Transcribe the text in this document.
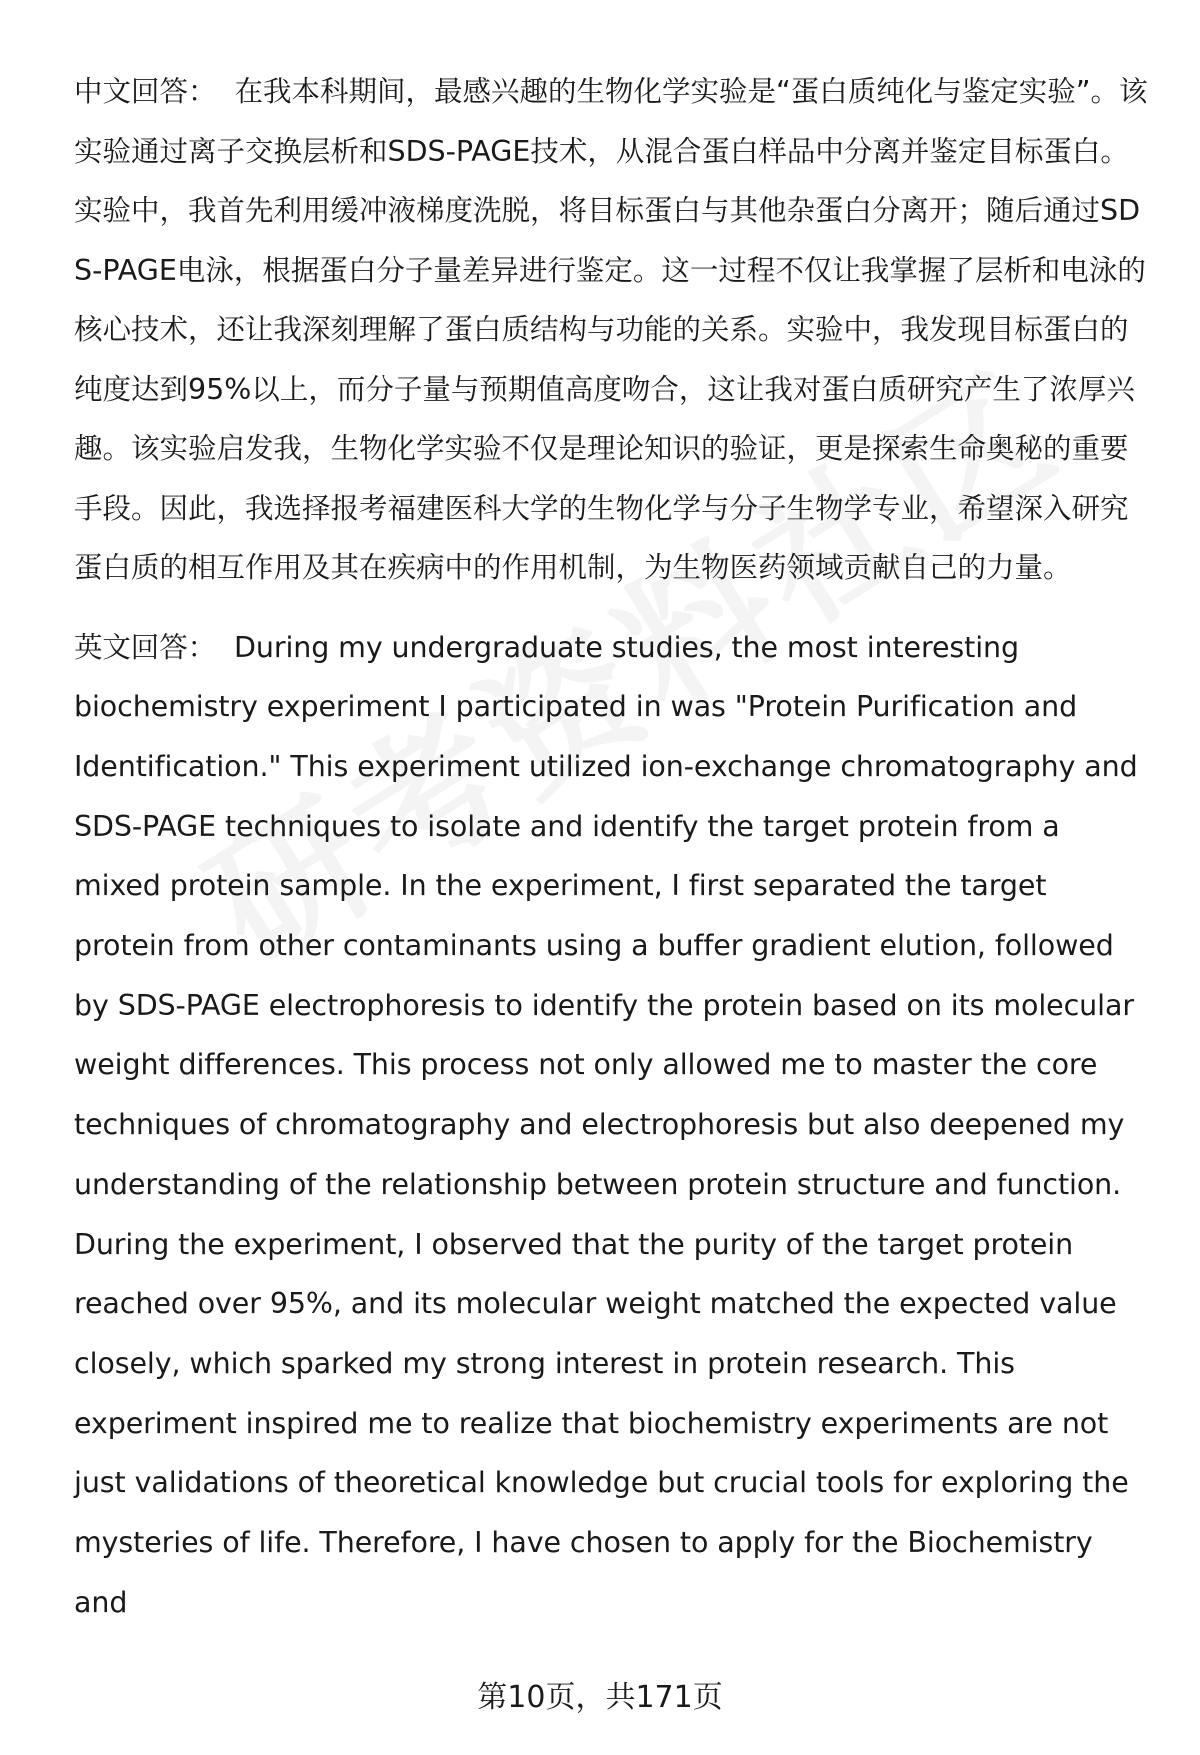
中文回答： 在我本科期间，最感兴趣的生物化学实验是“蛋白质纯化与鉴定实验”。该实验通过离子交换层析和SDS-PAGE技术，从混合蛋白样品中分离并鉴定目标蛋白。实验中，我首先利用缓冲液梯度洗脱，将目标蛋白与其他杂蛋白分离开；随后通过SDS-PAGE电泳，根据蛋白分子量差异进行鉴定。这一过程不仅让我掌握了层析和电泳的核心技术，还让我深刻理解了蛋白质结构与功能的关系。实验中，我发现目标蛋白的纯度达到95%以上，而分子量与预期值高度吻合，这让我对蛋白质研究产生了浓厚兴趣。该实验启发我，生物化学实验不仅是理论知识的验证，更是探索生命奥秘的重要手段。因此，我选择报考福建医科大学的生物化学与分子生物学专业，希望深入研究蛋白质的相互作用及其在疾病中的作用机制，为生物医药领域贡献自己的力量。

英文回答： During my undergraduate studies, the most interesting biochemistry experiment I participated in was "Protein Purification and Identification." This experiment utilized ion-exchange chromatography and SDS-PAGE techniques to isolate and identify the target protein from a mixed protein sample. In the experiment, I first separated the target protein from other contaminants using a buffer gradient elution, followed by SDS-PAGE electrophoresis to identify the protein based on its molecular weight differences. This process not only allowed me to master the core techniques of chromatography and electrophoresis but also deepened my understanding of the relationship between protein structure and function. During the experiment, I observed that the purity of the target protein reached over 95%, and its molecular weight matched the expected value closely, which sparked my strong interest in protein research. This experiment inspired me to realize that biochemistry experiments are not just validations of theoretical knowledge but crucial tools for exploring the mysteries of life. Therefore, I have chosen to apply for the Biochemistry and

第10页，共171页
